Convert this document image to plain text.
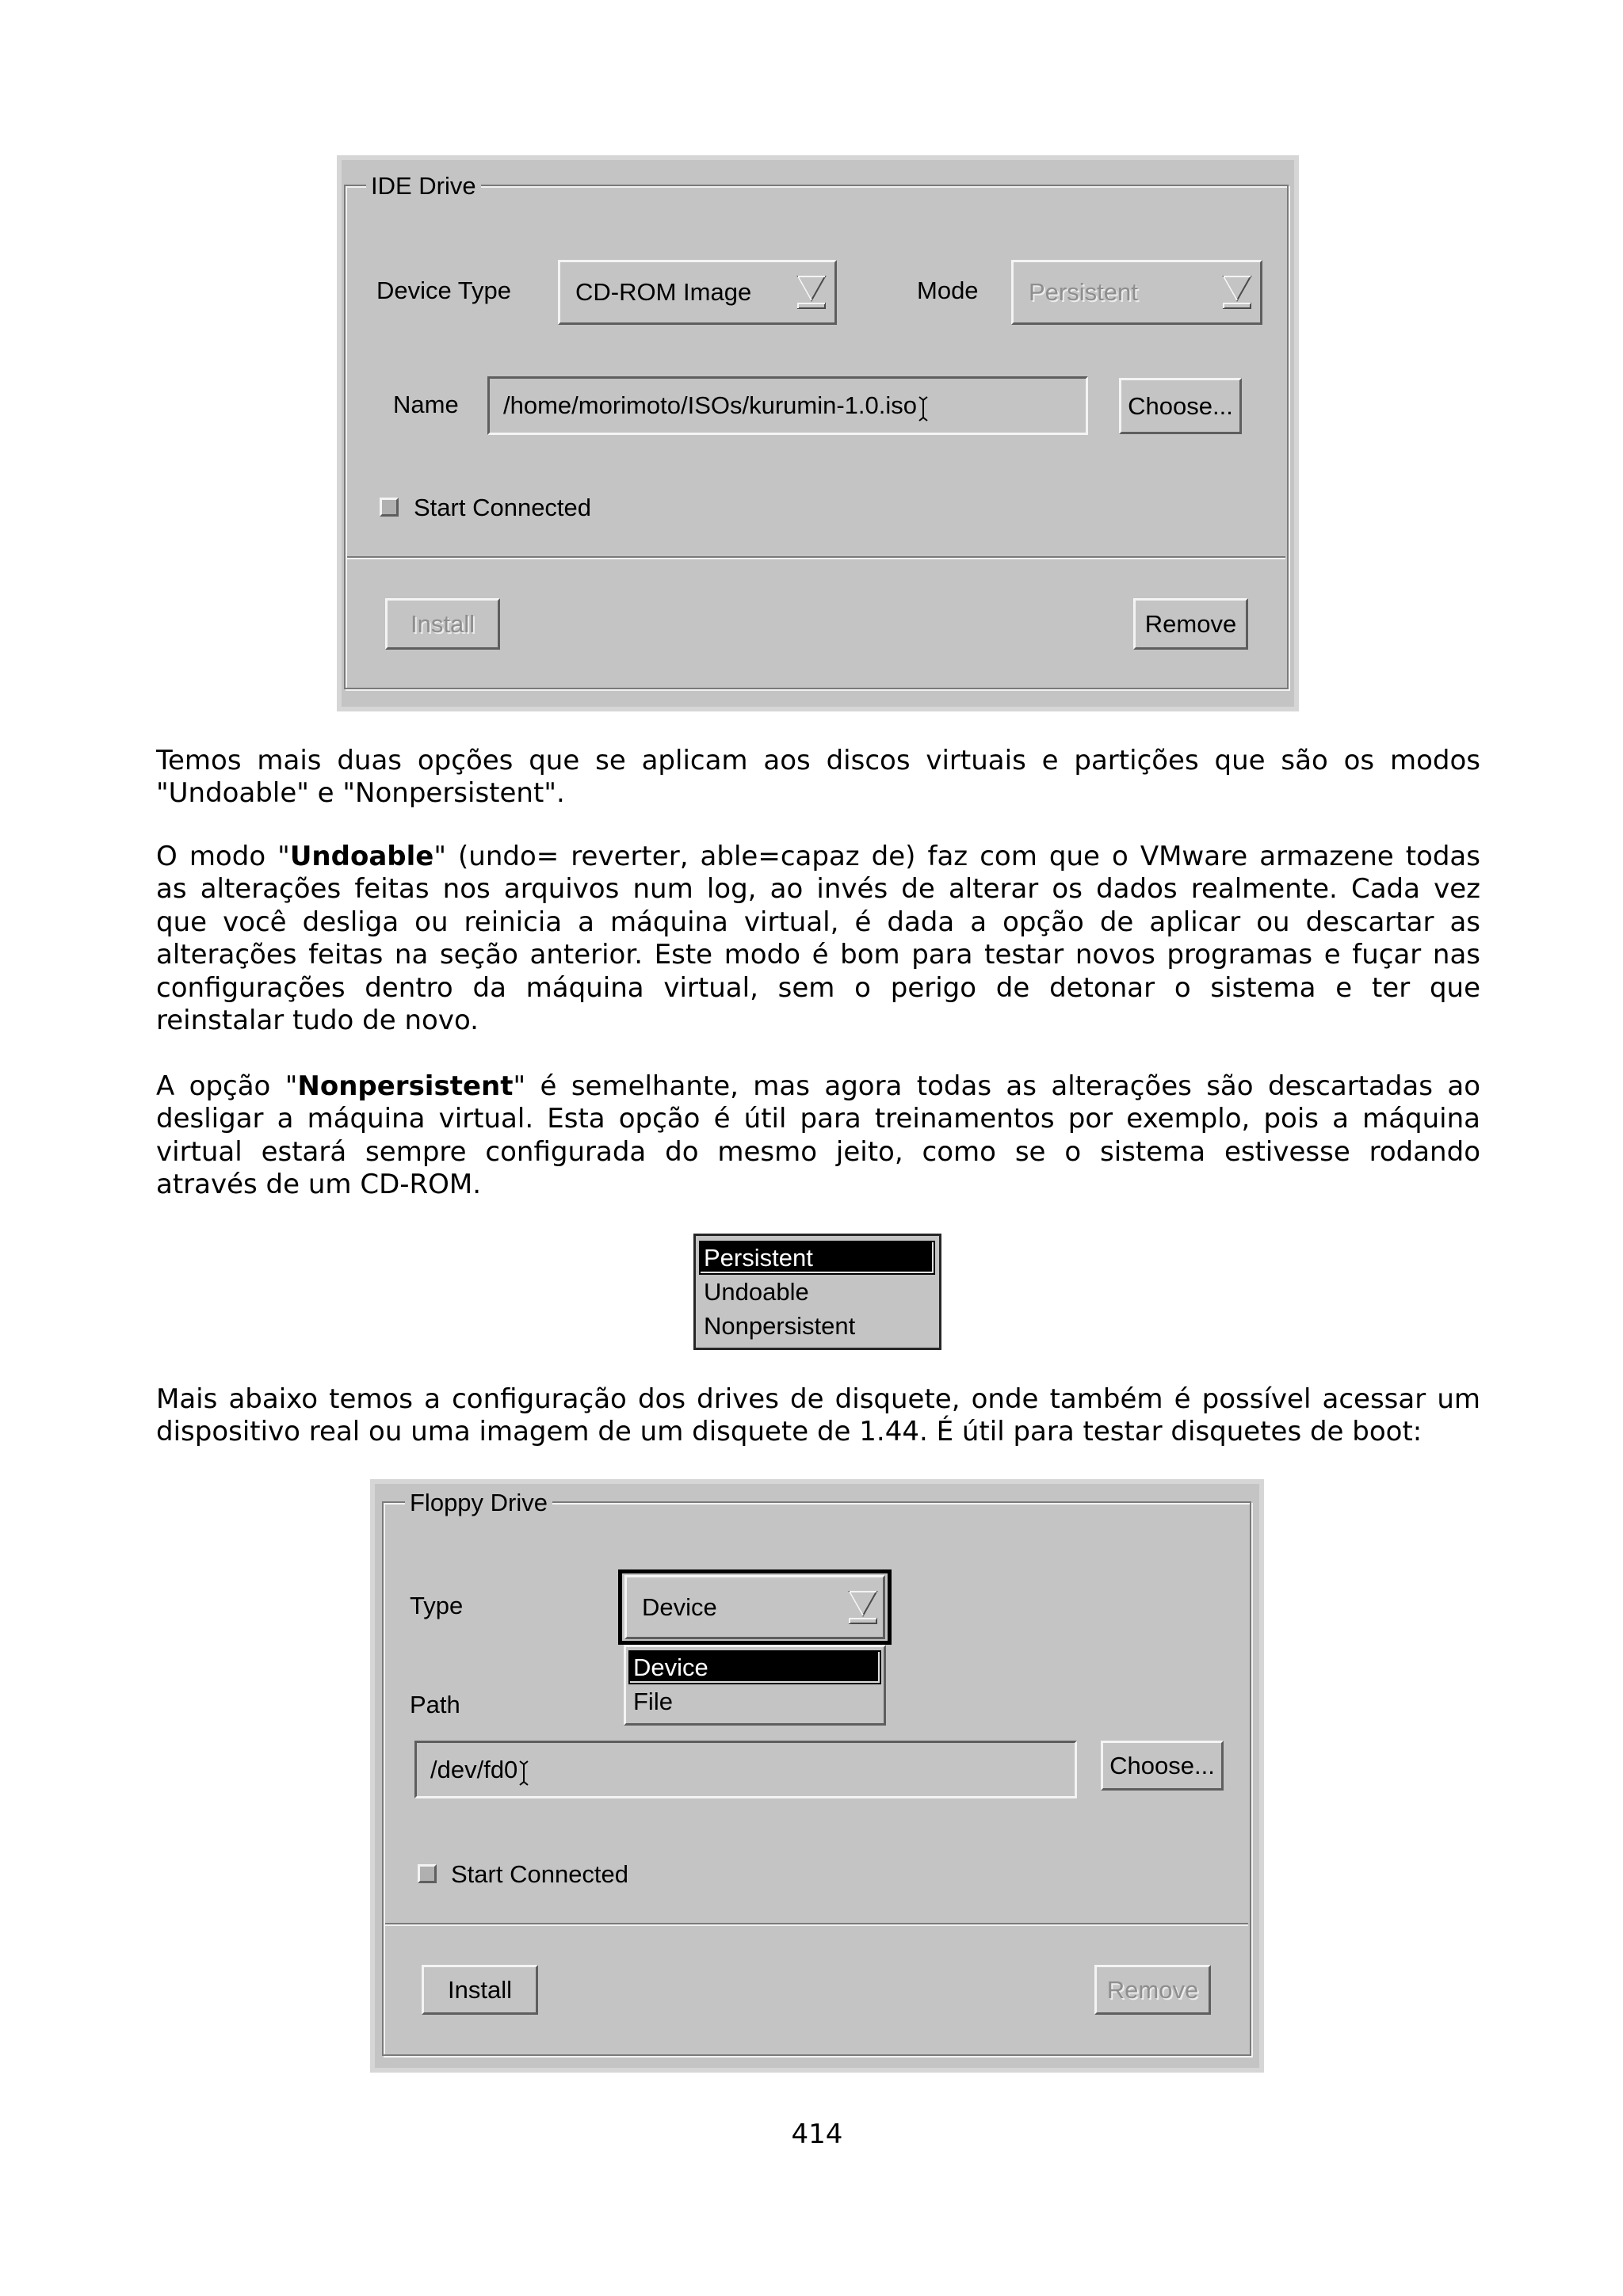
IDE Drive
Device Type	CD-ROM Image	Mode Persistent
Name /home/morimoto/ISOs/kurumin-1.0.iso	Choose...
Start Connected
Install	Remove
Temos mais duas opções que se aplicam aos discos virtuais e partições que são os modos
"Undoable" e "Nonpersistent".
O modo "Undoable" (undo= reverter, able=capaz de) faz com que o VMware armazene todas
as alterações feitas nos arquivos num log, ao invés de alterar os dados realmente. Cada vez
que você desliga ou reinicia a máquina virtual, é dada a opção de aplicar ou descartar as
alterações feitas na seção anterior. Este modo é bom para testar novos programas e fuçar nas
configurações dentro da máquina virtual, sem o perigo de detonar o sistema e ter que
reinstalar tudo de novo.
A opção "Nonpersistent" é semelhante, mas agora todas as alterações são descartadas ao
desligar a máquina virtual. Esta opção é útil para treinamentos por exemplo, pois a máquina
virtual estará sempre configurada do mesmo jeito, como se o sistema estivesse rodando
através de um CD-ROM.
Persistent
Undoable
Nonpersistent
Mais abaixo temos a configuração dos drives de disquete, onde também é possível acessar um
dispositivo real ou uma imagem de um disquete de 1.44. É útil para testar disquetes de boot:
Floppy Drive
Type	Device
Device
File
Path
/dev/fd0	Choose...
Start Connected
Install	Remove
414
